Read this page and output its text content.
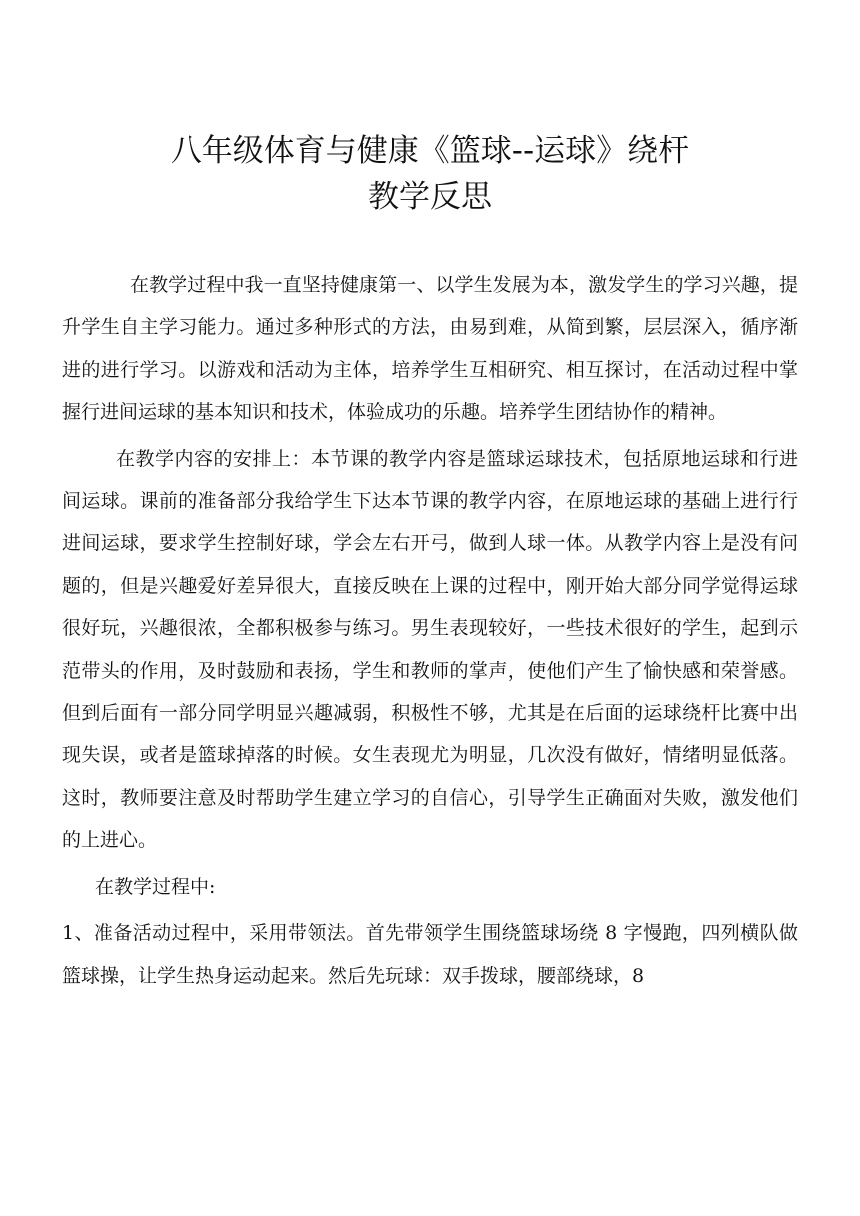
八年级体育与健康《篮球--运球》绕杆
教学反思

在教学过程中我一直坚持健康第一、以学生发展为本，激发学生的学习兴趣，提升学生自主学习能力。通过多种形式的方法，由易到难，从简到繁，层层深入，循序渐进的进行学习。以游戏和活动为主体，培养学生互相研究、相互探讨，在活动过程中掌握行进间运球的基本知识和技术，体验成功的乐趣。培养学生团结协作的精神。

在教学内容的安排上：本节课的教学内容是篮球运球技术，包括原地运球和行进间运球。课前的准备部分我给学生下达本节课的教学内容，在原地运球的基础上进行行进间运球，要求学生控制好球，学会左右开弓，做到人球一体。从教学内容上是没有问题的，但是兴趣爱好差异很大，直接反映在上课的过程中，刚开始大部分同学觉得运球很好玩，兴趣很浓，全都积极参与练习。男生表现较好，一些技术很好的学生，起到示范带头的作用，及时鼓励和表扬，学生和教师的掌声，使他们产生了愉快感和荣誉感。但到后面有一部分同学明显兴趣减弱，积极性不够，尤其是在后面的运球绕杆比赛中出现失误，或者是篮球掉落的时候。女生表现尤为明显，几次没有做好，情绪明显低落。这时，教师要注意及时帮助学生建立学习的自信心，引导学生正确面对失败，激发他们的上进心。

在教学过程中:

1、准备活动过程中，采用带领法。首先带领学生围绕篮球场绕 8 字慢跑，四列横队做篮球操，让学生热身运动起来。然后先玩球：双手拨球，腰部绕球，8
